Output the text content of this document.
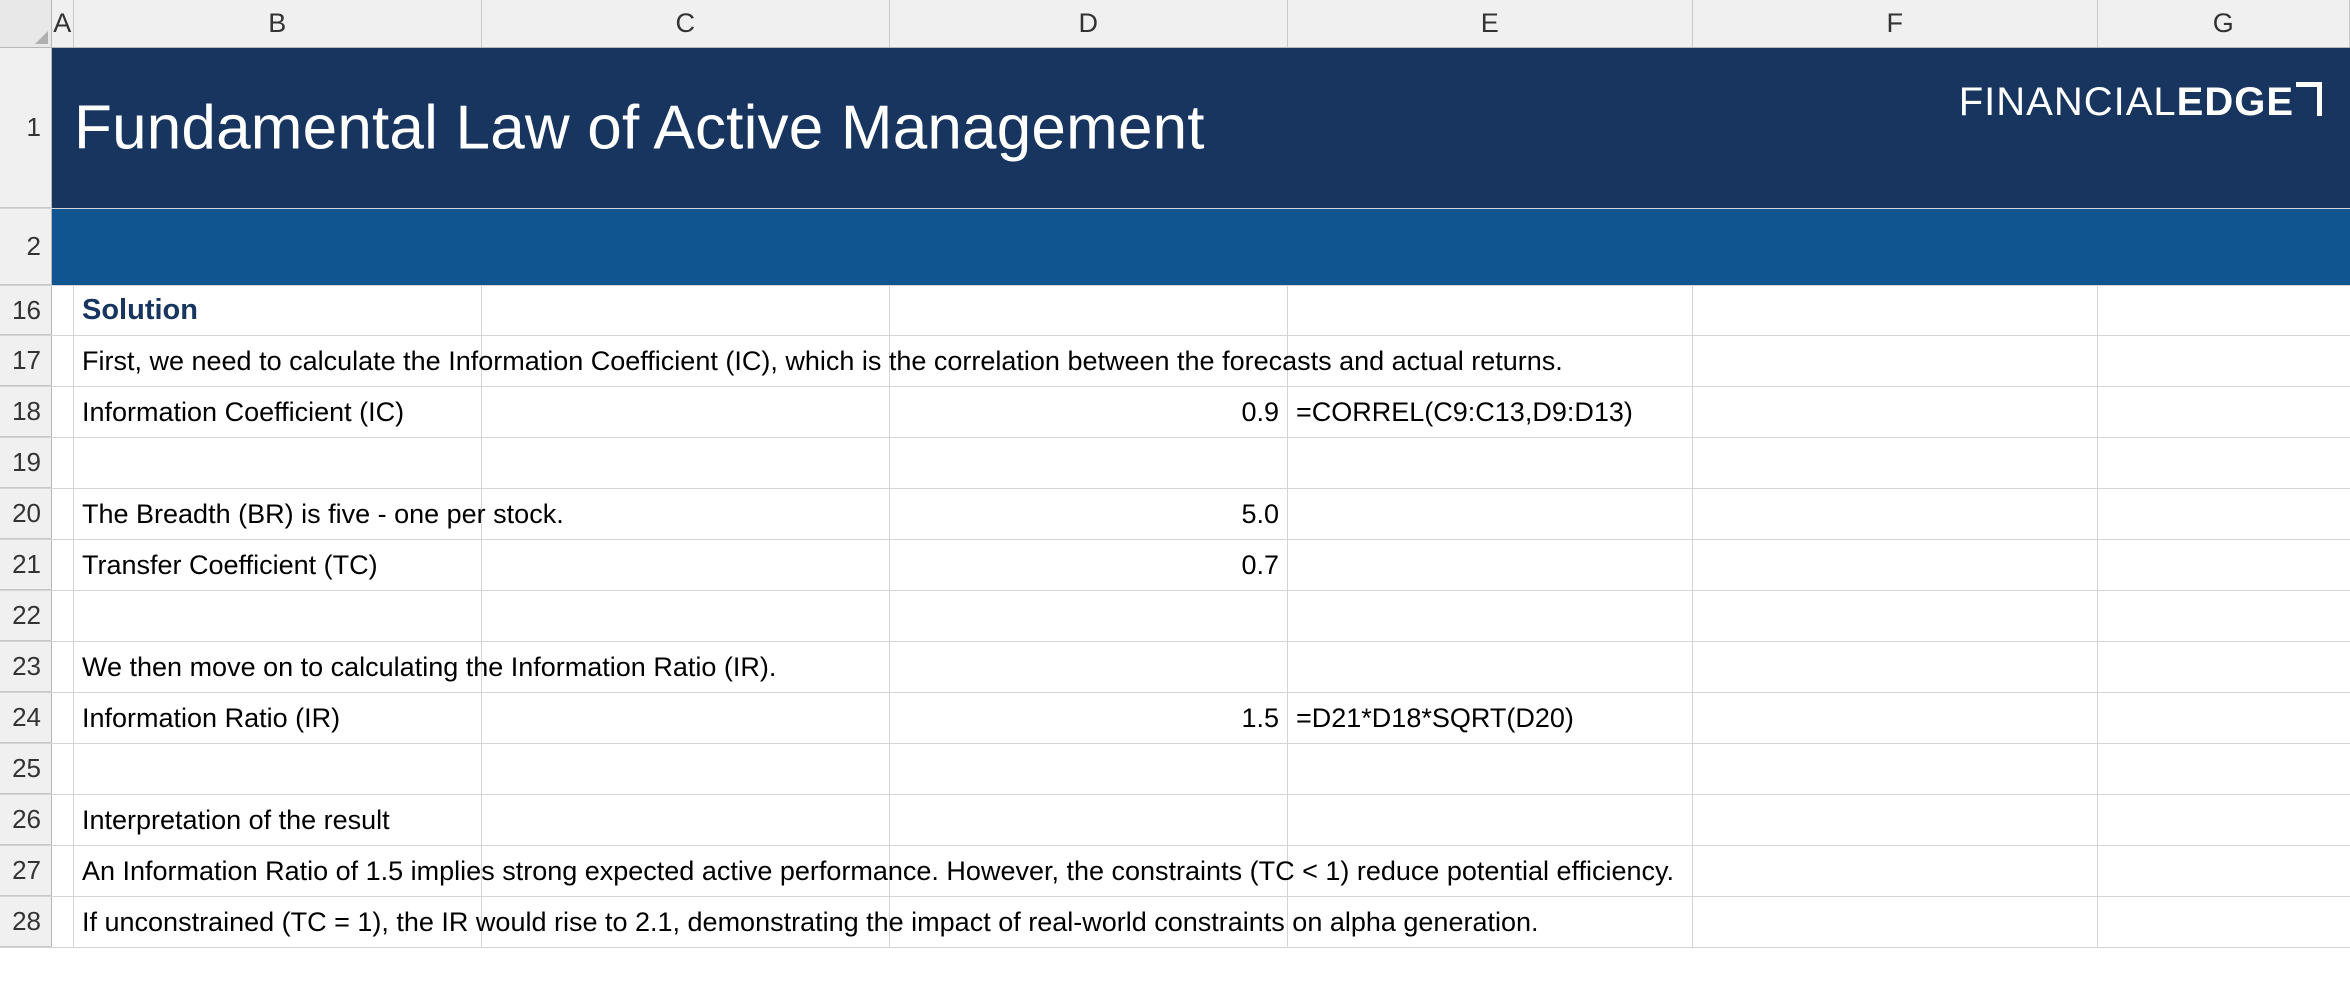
A	B	C	D	E	F	G
1 Fundamental Law of Active Management	FINANCIALEDGE
2
16	Solution
17	First, we need to calculate the Information Coefficient (IC), which is the correlation between the forecasts and actual returns.
18	Information Coefficient (IC)	0.9 =CORREL(C9:C13,D9:D13)
19
20	The Breadth (BR) is five - one per stock.	5.0
21	Transfer Coefficient (TC)	0.7
22
23	We then move on to calculating the Information Ratio (IR).
24	Information Ratio (IR)	1.5 =D21*D18*SQRT(D20)
25
26	Interpretation of the result
27	An Information Ratio of 1.5 implies strong expected active performance. However, the constraints (TC < 1) reduce potential efficiency.
28	If unconstrained (TC = 1), the IR would rise to 2.1, demonstrating the impact of real-world constraints on alpha generation.
